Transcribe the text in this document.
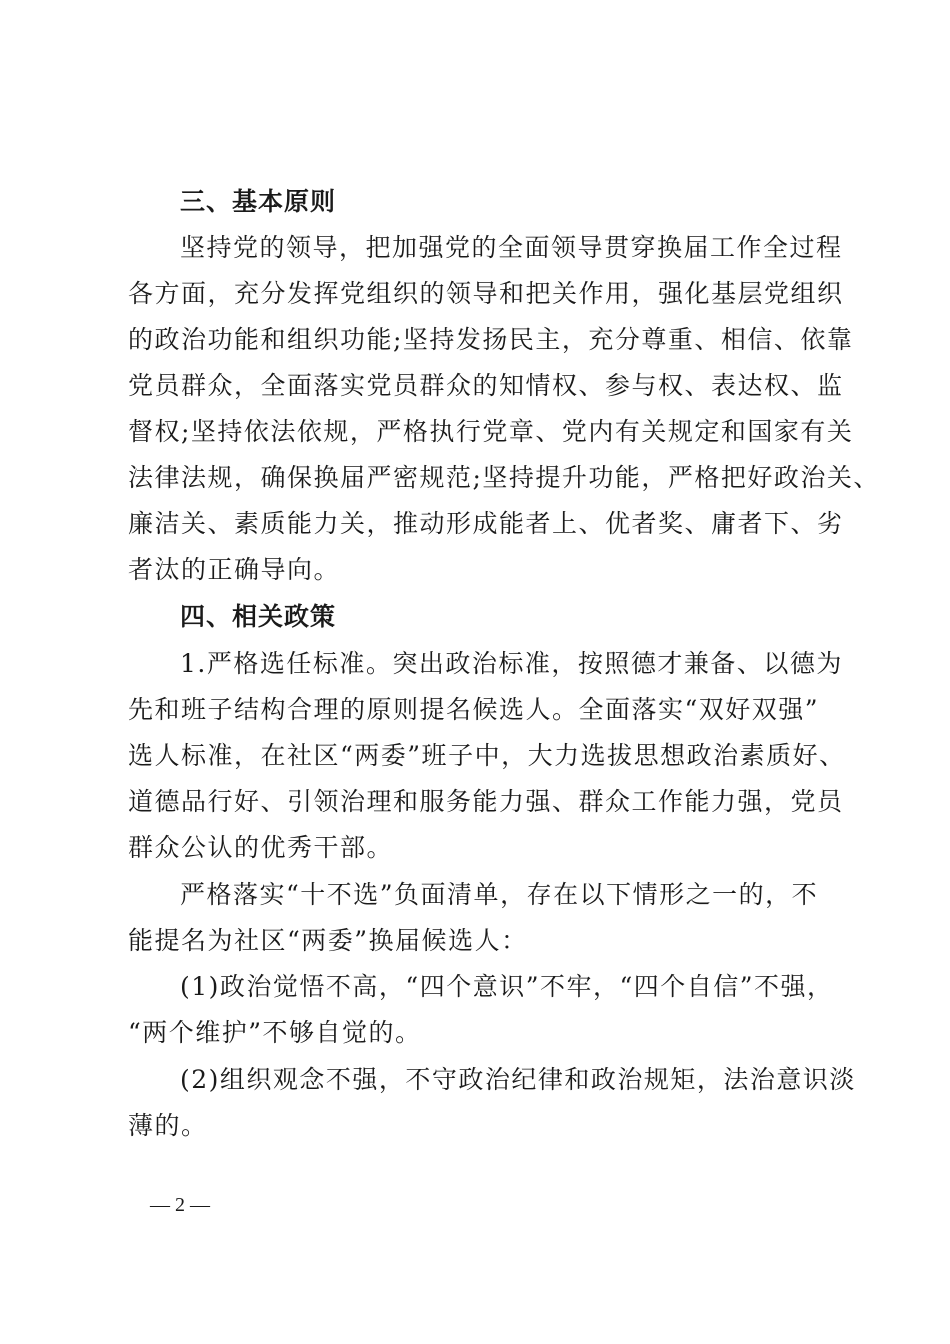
三、基本原则
坚持党的领导，把加强党的全面领导贯穿换届工作全过程
各方面，充分发挥党组织的领导和把关作用，强化基层党组织
的政治功能和组织功能;坚持发扬民主，充分尊重、相信、依靠
党员群众，全面落实党员群众的知情权、参与权、表达权、监
督权;坚持依法依规，严格执行党章、党内有关规定和国家有关
法律法规，确保换届严密规范;坚持提升功能，严格把好政治关、
廉洁关、素质能力关，推动形成能者上、优者奖、庸者下、劣
者汰的正确导向。
四、相关政策
1.严格选任标准。突出政治标准，按照德才兼备、以德为
先和班子结构合理的原则提名候选人。全面落实“双好双强”
选人标准，在社区“两委”班子中，大力选拔思想政治素质好、
道德品行好、引领治理和服务能力强、群众工作能力强，党员
群众公认的优秀干部。
严格落实“十不选”负面清单，存在以下情形之一的，不
能提名为社区“两委”换届候选人：
(1)政治觉悟不高，“四个意识”不牢，“四个自信”不强，
“两个维护”不够自觉的。
(2)组织观念不强，不守政治纪律和政治规矩，法治意识淡
薄的。
— 2 —
